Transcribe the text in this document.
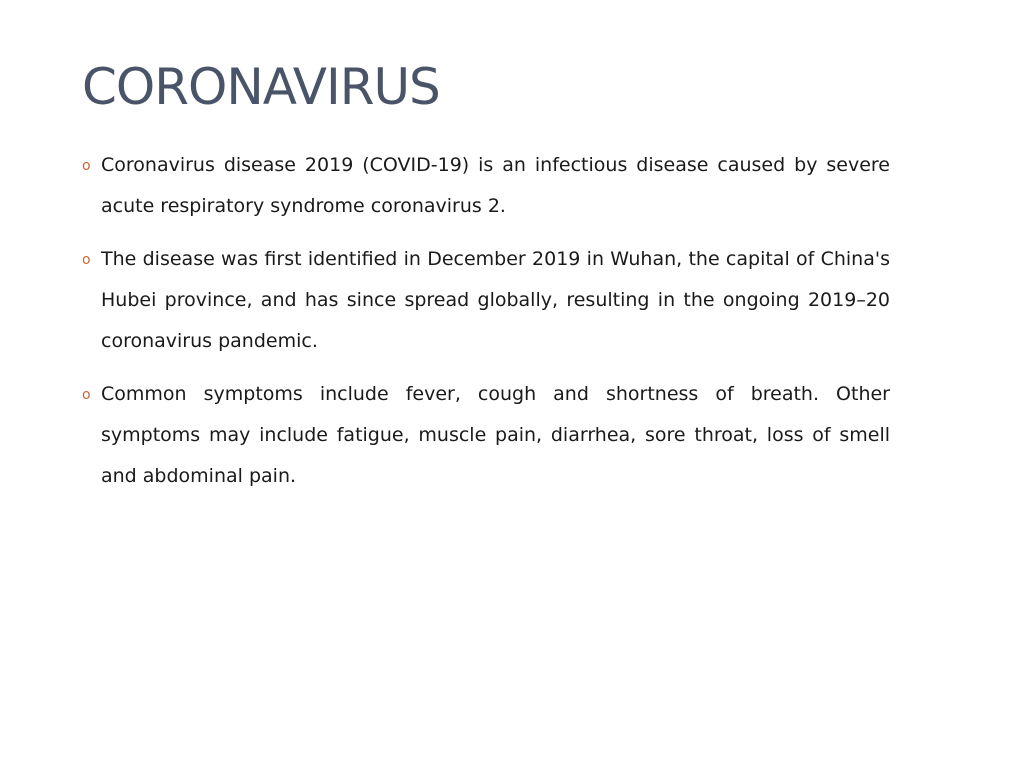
CORONAVIRUS
o Coronavirus disease 2019 (COVID-19) is an infectious disease caused by severe acute respiratory syndrome coronavirus 2.
o The disease was first identified in December 2019 in Wuhan, the capital of China's Hubei province, and has since spread globally, resulting in the ongoing 2019–20 coronavirus pandemic.
o Common symptoms include fever, cough and shortness of breath. Other symptoms may include fatigue, muscle pain, diarrhea, sore throat, loss of smell and abdominal pain.
